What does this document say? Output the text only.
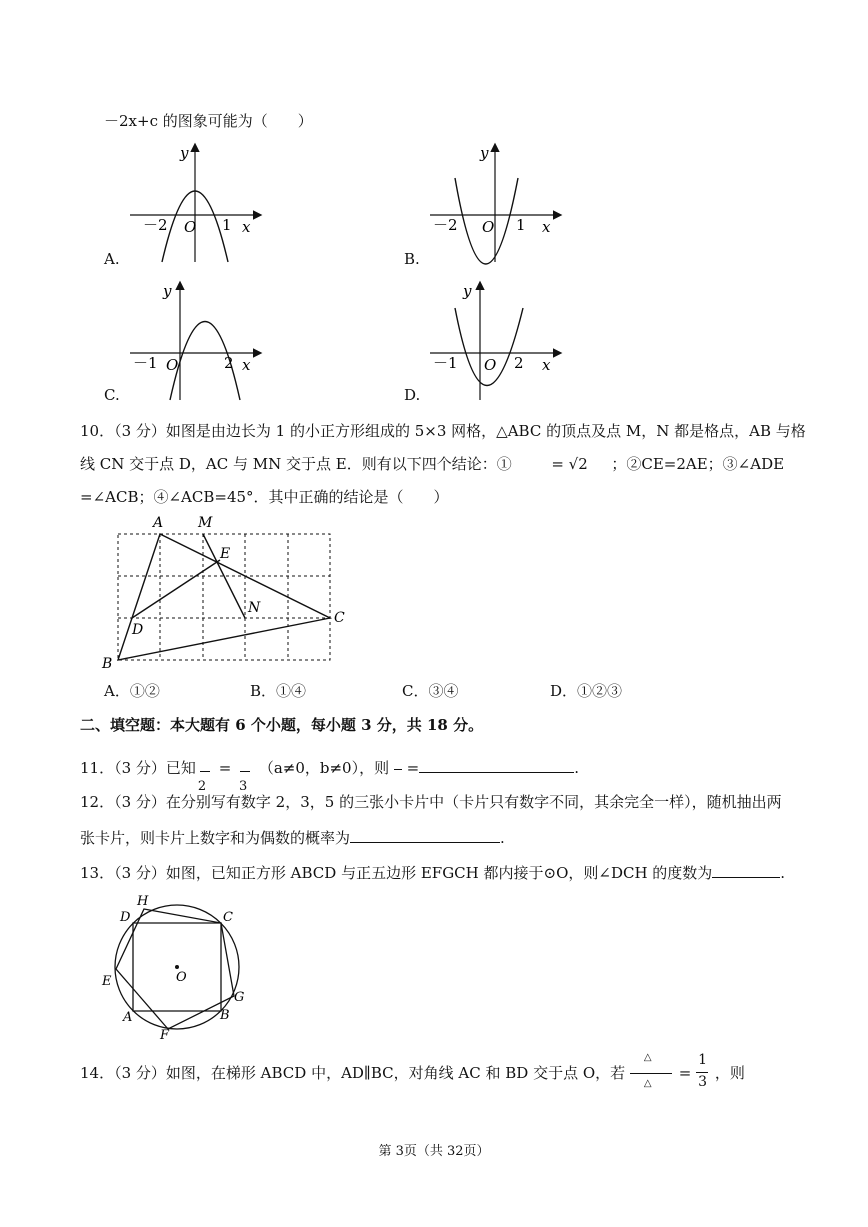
－2x+c 的图象可能为（　　）
－2 O 1 x
y
A.
－2 O 1 x
y
B.
－1 O	2 x
y
C.
－1 O 2 x
y
D.
10．（3 分）如图是由边长为 1 的小正方形组成的 5×3 网格，△ABC 的顶点及点 M，N 都是格点，AB 与格
线 CN 交于点 D，AC 与 MN 交于点 E．则有以下四个结论：①	= √2 ；②CE=2AE；③∠ADE
=∠ACB；④∠ACB=45°．其中正确的结论是（　　）
A M
E
N
D
C
B
A．①②	B．①④	C．③④	D．①②③
二、填空题：本大题有 6 个小题，每小题 3 分，共 18 分。
11．（3 分）已知
2
=
3
（a≠0，b≠0），则 =	.
12．（3 分）在分别写有数字 2，3，5 的三张小卡片中（卡片只有数字不同，其余完全一样），随机抽出两
张卡片，则卡片上数字和为偶数的概率为	.
13．（3 分）如图，已知正方形 ABCD 与正五边形 EFGCH 都内接于⊙O，则∠DCH 的度数为	.
H
D	C
E	O
G
A	B
F
14．（3 分）如图，在梯形 ABCD 中，AD∥BC，对角线 AC 和 BD 交于点 O，若
△
△
= $\frac{1}{3}$ ，则
第 3页（共 32页）
